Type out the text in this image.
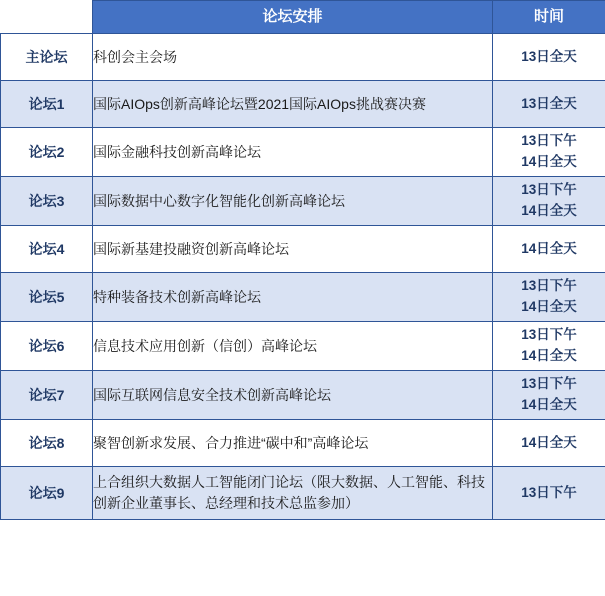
	论坛安排	时间
主论坛	科创会主会场	13日全天

论坛1	国际AIOps创新高峰论坛暨2021国际AIOps挑战赛决赛	13日全天

论坛2	国际金融科技创新高峰论坛	13日下午
14日全天

论坛3	国际数据中心数字化智能化创新高峰论坛	13日下午
14日全天

论坛4	国际新基建投融资创新高峰论坛	14日全天

论坛5	特种装备技术创新高峰论坛	13日下午
14日全天

论坛6	信息技术应用创新（信创）高峰论坛	13日下午
14日全天

论坛7	国际互联网信息安全技术创新高峰论坛	13日下午
14日全天

论坛8	聚智创新求发展、合力推进“碳中和”高峰论坛	14日全天

论坛9	上合组织大数据人工智能闭门论坛（限大数据、人工智能、科技创新企业董事长、总经理和技术总监参加）	13日下午
